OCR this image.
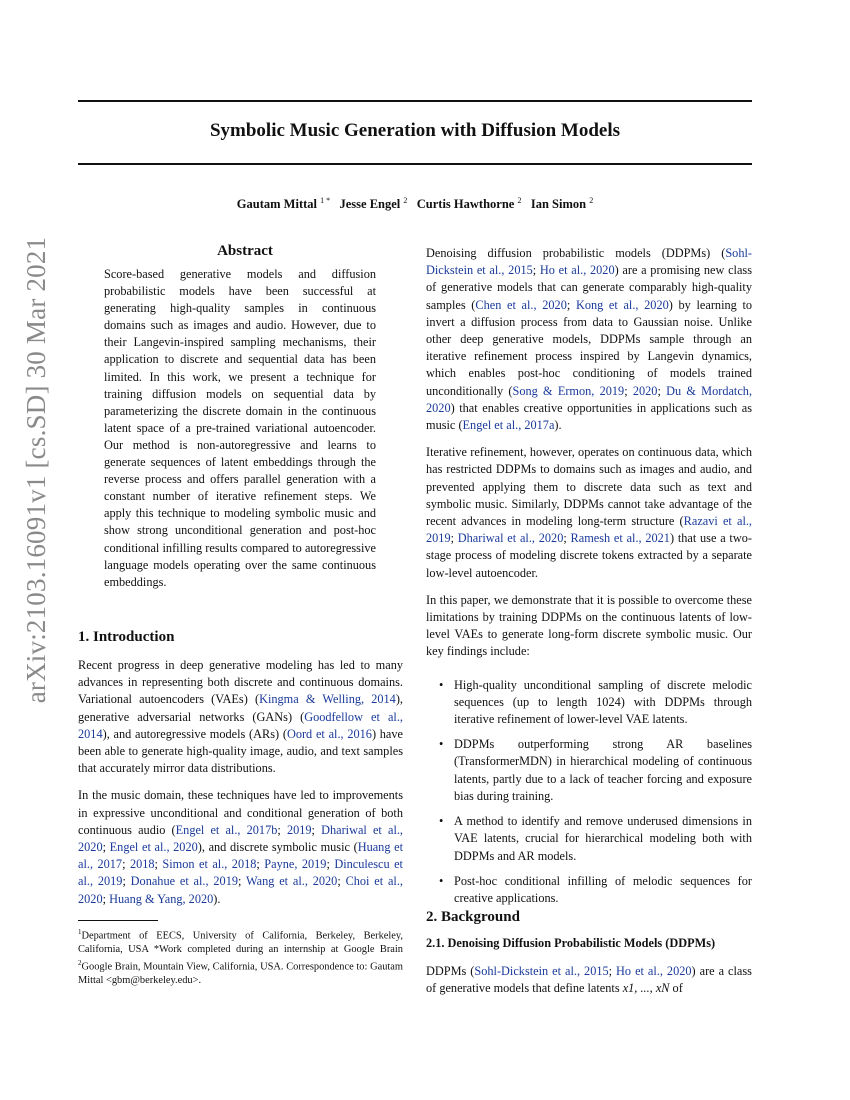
arXiv:2103.16091v1 [cs.SD] 30 Mar 2021
Symbolic Music Generation with Diffusion Models
Gautam Mittal $^{1 *}$ Jesse Engel $^2$ Curtis Hawthorne $^2$ Ian Simon $^2$
Abstract
Score-based generative models and diffusion probabilistic models have been successful at generating high-quality samples in continuous domains such as images and audio. However, due to their Langevin-inspired sampling mechanisms, their application to discrete and sequential data has been limited. In this work, we present a technique for training diffusion models on sequential data by parameterizing the discrete domain in the continuous latent space of a pre-trained variational autoencoder. Our method is non-autoregressive and learns to generate sequences of latent embeddings through the reverse process and offers parallel generation with a constant number of iterative refinement steps. We apply this technique to modeling symbolic music and show strong unconditional generation and post-hoc conditional infilling results compared to autoregressive language models operating over the same continuous embeddings.
1. Introduction

Recent progress in deep generative modeling has led to many advances in representing both discrete and continuous domains. Variational autoencoders (VAEs) (Kingma & Welling, 2014), generative adversarial networks (GANs) (Goodfellow et al., 2014), and autoregressive models (ARs) (Oord et al., 2016) have been able to generate high-quality image, audio, and text samples that accurately mirror data distributions.

In the music domain, these techniques have led to improvements in expressive unconditional and conditional generation of both continuous audio (Engel et al., 2017b; 2019; Dhariwal et al., 2020; Engel et al., 2020), and discrete symbolic music (Huang et al., 2017; 2018; Simon et al., 2018; Payne, 2019; Dinculescu et al., 2019; Donahue et al., 2019; Wang et al., 2020; Choi et al., 2020; Huang & Yang, 2020).

$^1$Department of EECS, University of California, Berkeley, Berkeley, California, USA *Work completed during an internship at Google Brain $^2$Google Brain, Mountain View, California, USA. Correspondence to: Gautam Mittal <gbm@berkeley.edu>.

Denoising diffusion probabilistic models (DDPMs) (Sohl-Dickstein et al., 2015; Ho et al., 2020) are a promising new class of generative models that can generate comparably high-quality samples (Chen et al., 2020; Kong et al., 2020) by learning to invert a diffusion process from data to Gaussian noise. Unlike other deep generative models, DDPMs sample through an iterative refinement process inspired by Langevin dynamics, which enables post-hoc conditioning of models trained unconditionally (Song & Ermon, 2019; 2020; Du & Mordatch, 2020) that enables creative opportunities in applications such as music (Engel et al., 2017a).

Iterative refinement, however, operates on continuous data, which has restricted DDPMs to domains such as images and audio, and prevented applying them to discrete data such as text and symbolic music. Similarly, DDPMs cannot take advantage of the recent advances in modeling long-term structure (Razavi et al., 2019; Dhariwal et al., 2020; Ramesh et al., 2021) that use a two-stage process of modeling discrete tokens extracted by a separate low-level autoencoder.

In this paper, we demonstrate that it is possible to overcome these limitations by training DDPMs on the continuous latents of low-level VAEs to generate long-form discrete symbolic music. Our key findings include:

• High-quality unconditional sampling of discrete melodic sequences (up to length 1024) with DDPMs through iterative refinement of lower-level VAE latents.
• DDPMs outperforming strong AR baselines (TransformerMDN) in hierarchical modeling of continuous latents, partly due to a lack of teacher forcing and exposure bias during training.
• A method to identify and remove underused dimensions in VAE latents, crucial for hierarchical modeling both with DDPMs and AR models.
• Post-hoc conditional infilling of melodic sequences for creative applications.
2. Background
2.1. Denoising Diffusion Probabilistic Models (DDPMs)

DDPMs (Sohl-Dickstein et al., 2015; Ho et al., 2020) are a class of generative models that define latents x1, ..., xN of
